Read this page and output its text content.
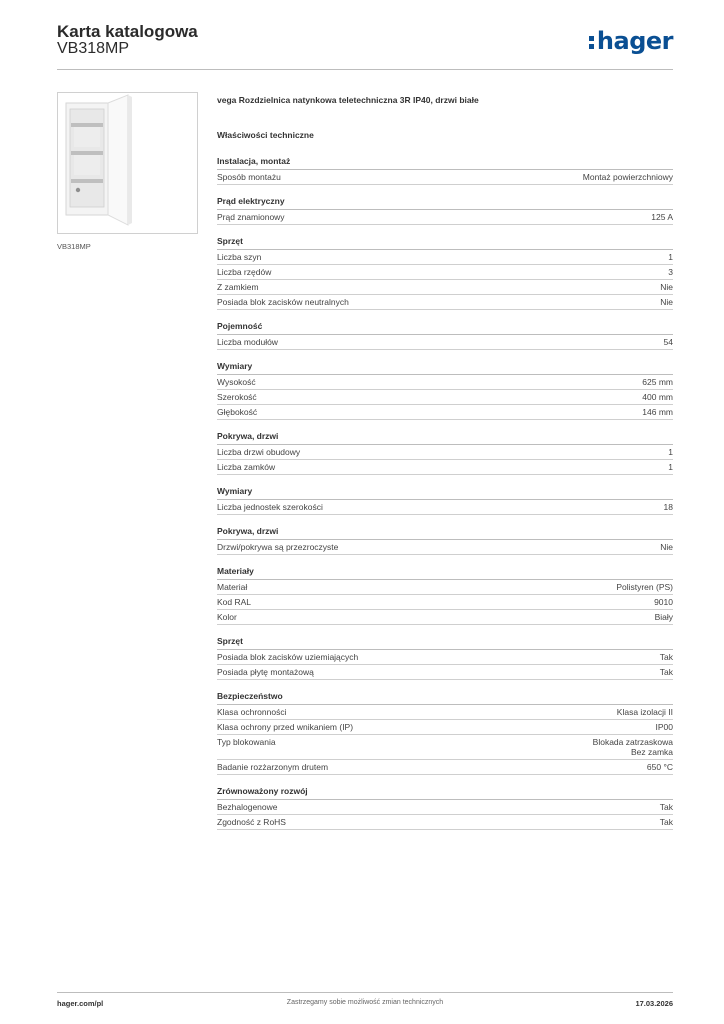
Karta katalogowa
VB318MP	hager
VB318MP
vega Rozdzielnica natynkowa teletechniczna 3R IP40, drzwi białe
Właściwości techniczne
Instalacja, montaż
Sposób montażu	Montaż powierzchniowy
Prąd elektryczny
Prąd znamionowy	125 A
Sprzęt
Liczba szyn	1
Liczba rzędów	3
Z zamkiem	Nie
Posiada blok zacisków neutralnych	Nie
Pojemność
Liczba modułów	54
Wymiary
Wysokość	625 mm
Szerokość	400 mm
Głębokość	146 mm
Pokrywa, drzwi
Liczba drzwi obudowy	1
Liczba zamków	1
Wymiary
Liczba jednostek szerokości	18
Pokrywa, drzwi
Drzwi/pokrywa są przezroczyste	Nie
Materiały
Materiał	Polistyren (PS)
Kod RAL	9010
Kolor	Biały
Sprzęt
Posiada blok zacisków uziemiających	Tak
Posiada płytę montażową	Tak
Bezpieczeństwo
Klasa ochronności	Klasa izolacji II
Klasa ochrony przed wnikaniem (IP)	IP00
Typ blokowania	Blokada zatrzaskowa
Bez zamka
Badanie rozżarzonym drutem	650 °C
Zrównoważony rozwój
Bezhalogenowe	Tak
Zgodność z RoHS	Tak
hager.com/pl	Zastrzegamy sobie możliwość zmian technicznych	17.03.2026
